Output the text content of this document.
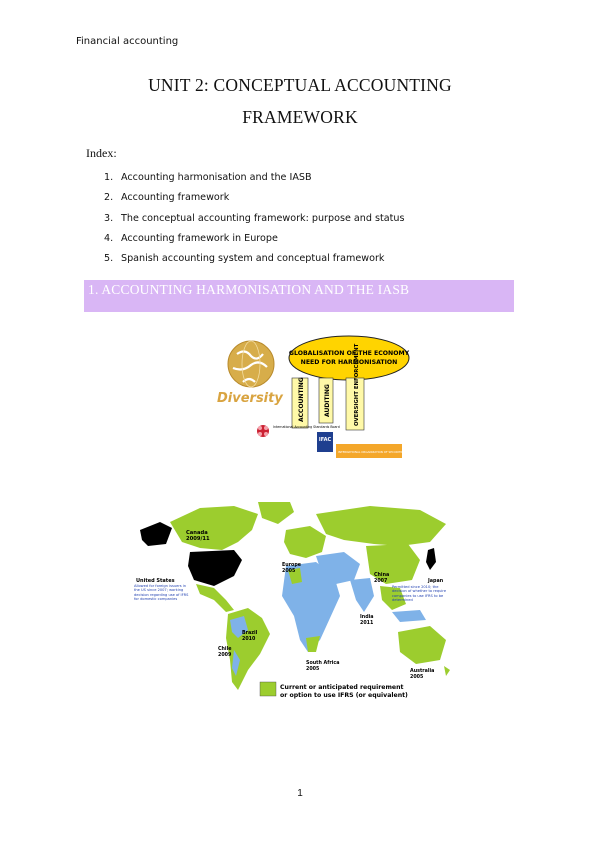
Financial accounting
UNIT 2: CONCEPTUAL ACCOUNTING
FRAMEWORK
Index:
1. Accounting harmonisation and the IASB
2. Accounting framework
3. The conceptual accounting framework: purpose and status
4. Accounting framework in Europe
5. Spanish accounting system and conceptual framework
1. ACCOUNTING HARMONISATION AND THE IASB
Diversity
GLOBALISATION OF THE ECONOMY
NEED FOR HARMONISATION
ACCOUNTING	AUDITING	OVERSIGHT ENFORCEMENT
International Accounting Standards Board
IFAC
INTERNATIONAL ORGANIZATION OF SECURITIES COMMISSIONS
Canada
2009/11
United States
Allowed for foreign issuers in the US since 2007; working decision regarding use of IFRS for domestic companies
Europe
2005
China
2007	Japan
Permitted since 2010; the decision of whether to require companies to use IFRS to be determined
India
2011
Brazil
2010
Chile
2009
South Africa
2005	Australia
2005
Current or anticipated requirement
or option to use IFRS (or equivalent)
1
